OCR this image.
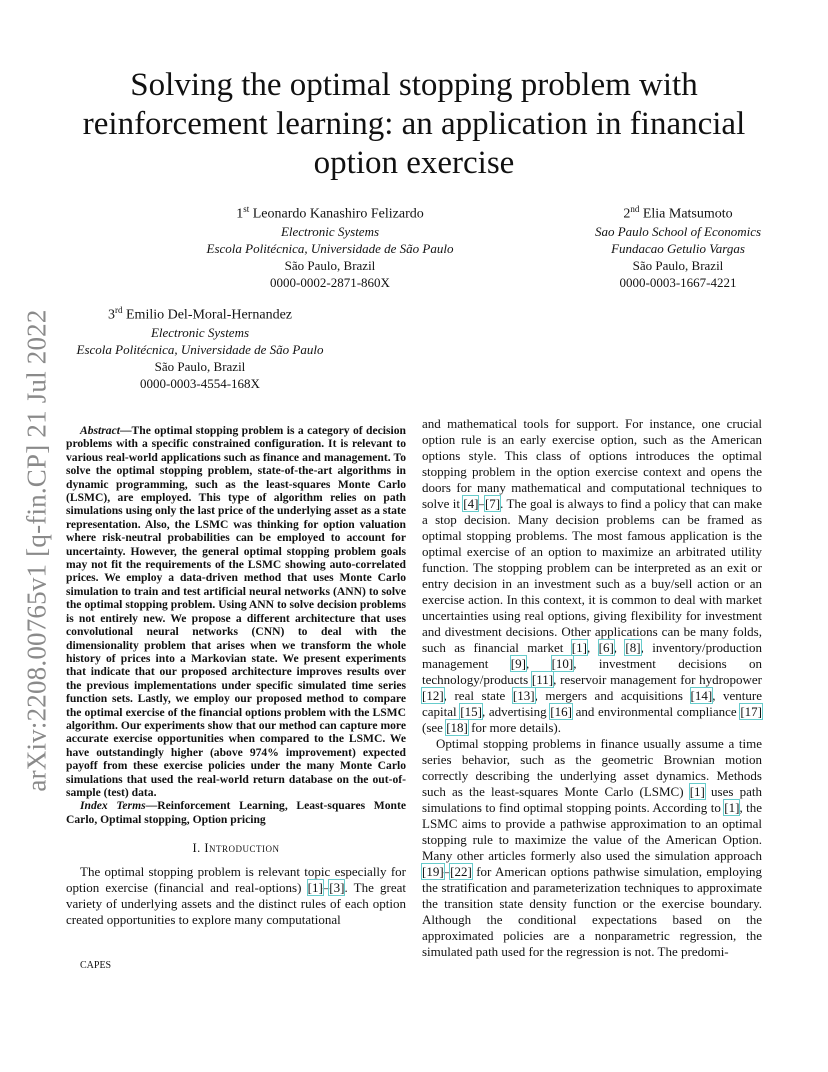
arXiv:2208.00765v1 [q-fin.CP] 21 Jul 2022
Solving the optimal stopping problem with reinforcement learning: an application in financial option exercise
1st Leonardo Kanashiro Felizardo
Electronic Systems
Escola Politécnica, Universidade de São Paulo
São Paulo, Brazil
0000-0002-2871-860X
2nd Elia Matsumoto
Sao Paulo School of Economics
Fundacao Getulio Vargas
São Paulo, Brazil
0000-0003-1667-4221
3rd Emilio Del-Moral-Hernandez
Electronic Systems
Escola Politécnica, Universidade de São Paulo
São Paulo, Brazil
0000-0003-4554-168X

Abstract—The optimal stopping problem is a category of decision problems with a specific constrained configuration. It is relevant to various real-world applications such as finance and management. To solve the optimal stopping problem, state-of-the-art algorithms in dynamic programming, such as the least-squares Monte Carlo (LSMC), are employed. This type of algorithm relies on path simulations using only the last price of the underlying asset as a state representation. Also, the LSMC was thinking for option valuation where risk-neutral probabilities can be employed to account for uncertainty. However, the general optimal stopping problem goals may not fit the requirements of the LSMC showing auto-correlated prices. We employ a data-driven method that uses Monte Carlo simulation to train and test artificial neural networks (ANN) to solve the optimal stopping problem. Using ANN to solve decision problems is not entirely new. We propose a different architecture that uses convolutional neural networks (CNN) to deal with the dimensionality problem that arises when we transform the whole history of prices into a Markovian state. We present experiments that indicate that our proposed architecture improves results over the previous implementations under specific simulated time series function sets. Lastly, we employ our proposed method to compare the optimal exercise of the financial options problem with the LSMC algorithm. Our experiments show that our method can capture more accurate exercise opportunities when compared to the LSMC. We have outstandingly higher (above 974% improvement) expected payoff from these exercise policies under the many Monte Carlo simulations that used the real-world return database on the out-of-sample (test) data.

Index Terms—Reinforcement Learning, Least-squares Monte Carlo, Optimal stopping, Option pricing

I. Introduction

The optimal stopping problem is relevant topic especially for option exercise (financial and real-options) [1]–[3]. The great variety of underlying assets and the distinct rules of each option created opportunities to explore many computational

CAPES

and mathematical tools for support. For instance, one crucial option rule is an early exercise option, such as the American options style. This class of options introduces the optimal stopping problem in the option exercise context and opens the doors for many mathematical and computational techniques to solve it [4]–[7]. The goal is always to find a policy that can make a stop decision. Many decision problems can be framed as optimal stopping problems. The most famous application is the optimal exercise of an option to maximize an arbitrated utility function. The stopping problem can be interpreted as an exit or entry decision in an investment such as a buy/sell action or an exercise action. In this context, it is common to deal with market uncertainties using real options, giving flexibility for investment and divestment decisions. Other applications can be many folds, such as financial market [1], [6], [8], inventory/production management [9], [10], investment decisions on technology/products [11], reservoir management for hydropower [12], real state [13], mergers and acquisitions [14], venture capital [15], advertising [16] and environmental compliance [17] (see [18] for more details).

Optimal stopping problems in finance usually assume a time series behavior, such as the geometric Brownian motion correctly describing the underlying asset dynamics. Methods such as the least-squares Monte Carlo (LSMC) [1] uses path simulations to find optimal stopping points. According to [1], the LSMC aims to provide a pathwise approximation to an optimal stopping rule to maximize the value of the American Option. Many other articles formerly also used the simulation approach [19]–[22] for American options pathwise simulation, employing the stratification and parameterization techniques to approximate the transition state density function or the exercise boundary. Although the conditional expectations based on the approximated policies are a nonparametric regression, the simulated path used for the regression is not. The predomi-
